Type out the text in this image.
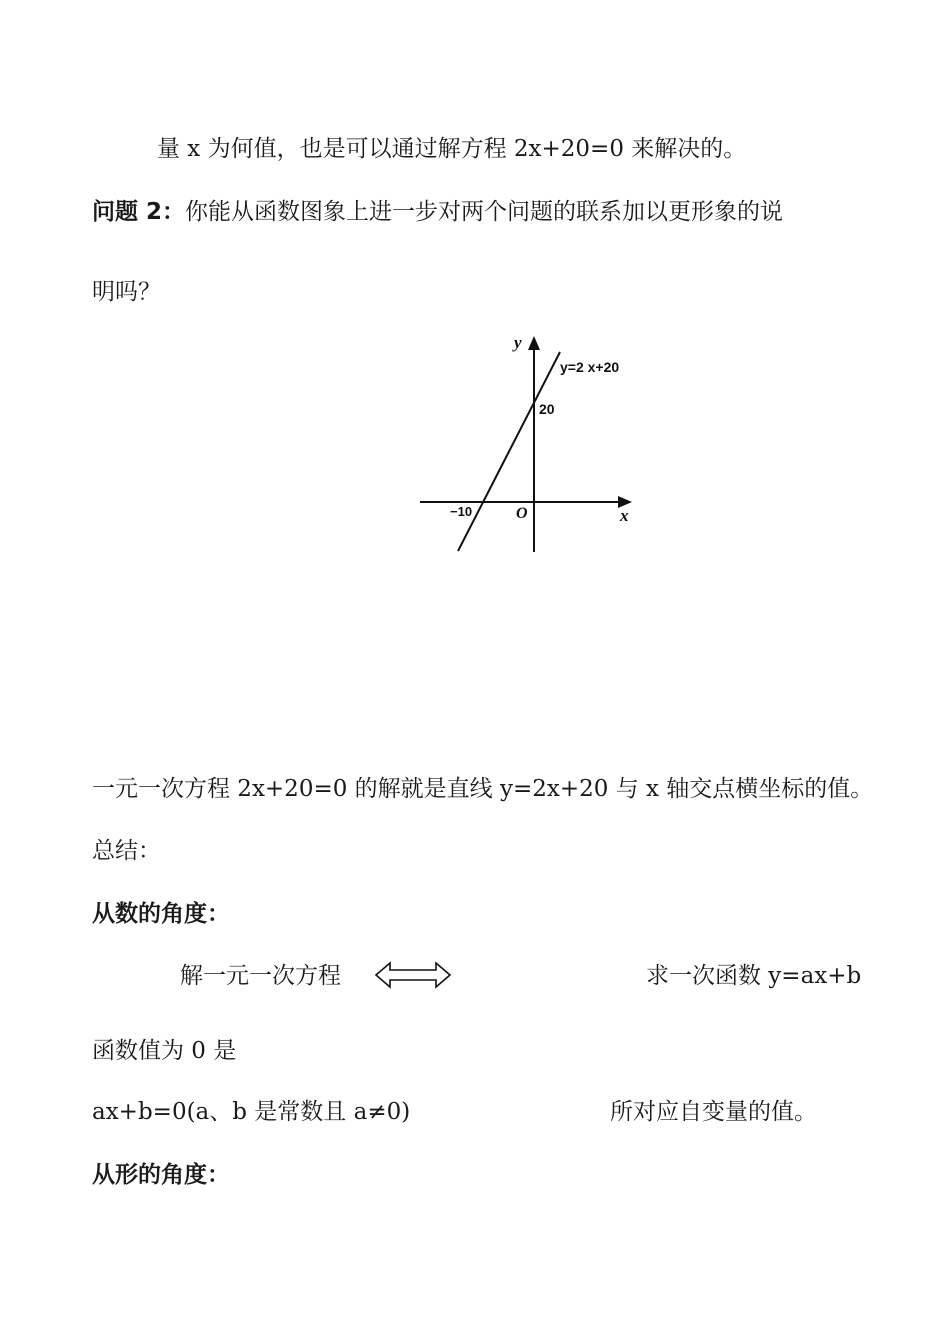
量 x 为何值，也是可以通过解方程 2x+20=0 来解决的。
问题 2：你能从函数图象上进一步对两个问题的联系加以更形象的说
明吗？
y
x
O
y=2 x+20
20
−10
一元一次方程 2x+20=0 的解就是直线 y=2x+20 与 x 轴交点横坐标的值。
总结：
从数的角度：
解一元一次方程	求一次函数 y=ax+b
函数值为 0 是
ax+b=0(a、b 是常数且 a≠0)	所对应自变量的值。
从形的角度：
